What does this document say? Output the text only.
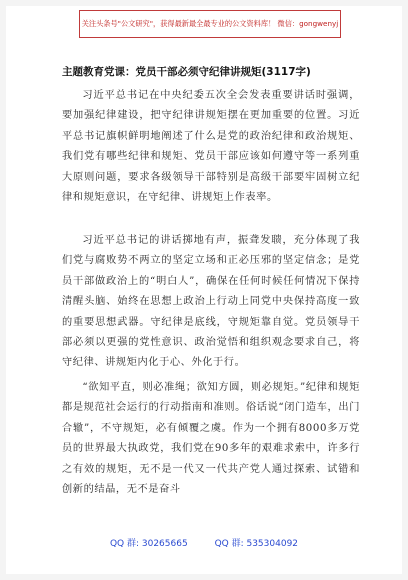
关注头条号"公文研究"，获得最新最全最专业的公文资料库！ 微信：gongwenyj
主题教育党课：党员干部必须守纪律讲规矩(3117字)

习近平总书记在中央纪委五次全会发表重要讲话时强调，要加强纪律建设，把守纪律讲规矩摆在更加重要的位置。习近平总书记旗帜鲜明地阐述了什么是党的政治纪律和政治规矩、我们党有哪些纪律和规矩、党员干部应该如何遵守等一系列重大原则问题，要求各级领导干部特别是高级干部要牢固树立纪律和规矩意识，在守纪律、讲规矩上作表率。

习近平总书记的讲话掷地有声，振聋发聩，充分体现了我们党与腐败势不两立的坚定立场和正必压邪的坚定信念；是党员干部做政治上的“明白人”，确保在任何时候任何情况下保持清醒头脑、始终在思想上政治上行动上同党中央保持高度一致的重要思想武器。守纪律是底线，守规矩靠自觉。党员领导干部必须以更强的党性意识、政治觉悟和组织观念要求自己，将守纪律、讲规矩内化于心、外化于行。

“欲知平直，则必准绳；欲知方圆，则必规矩。”纪律和规矩都是规范社会运行的行动指南和准则。俗话说“闭门造车，出门合辙”，不守规矩，必有倾覆之虞。作为一个拥有8000多万党员的世界最大执政党，我们党在90多年的艰难求索中，许多行之有效的规矩，无不是一代又一代共产党人通过探索、试错和创新的结晶，无不是奋斗

QQ 群: 30265665	QQ 群: 535304092
